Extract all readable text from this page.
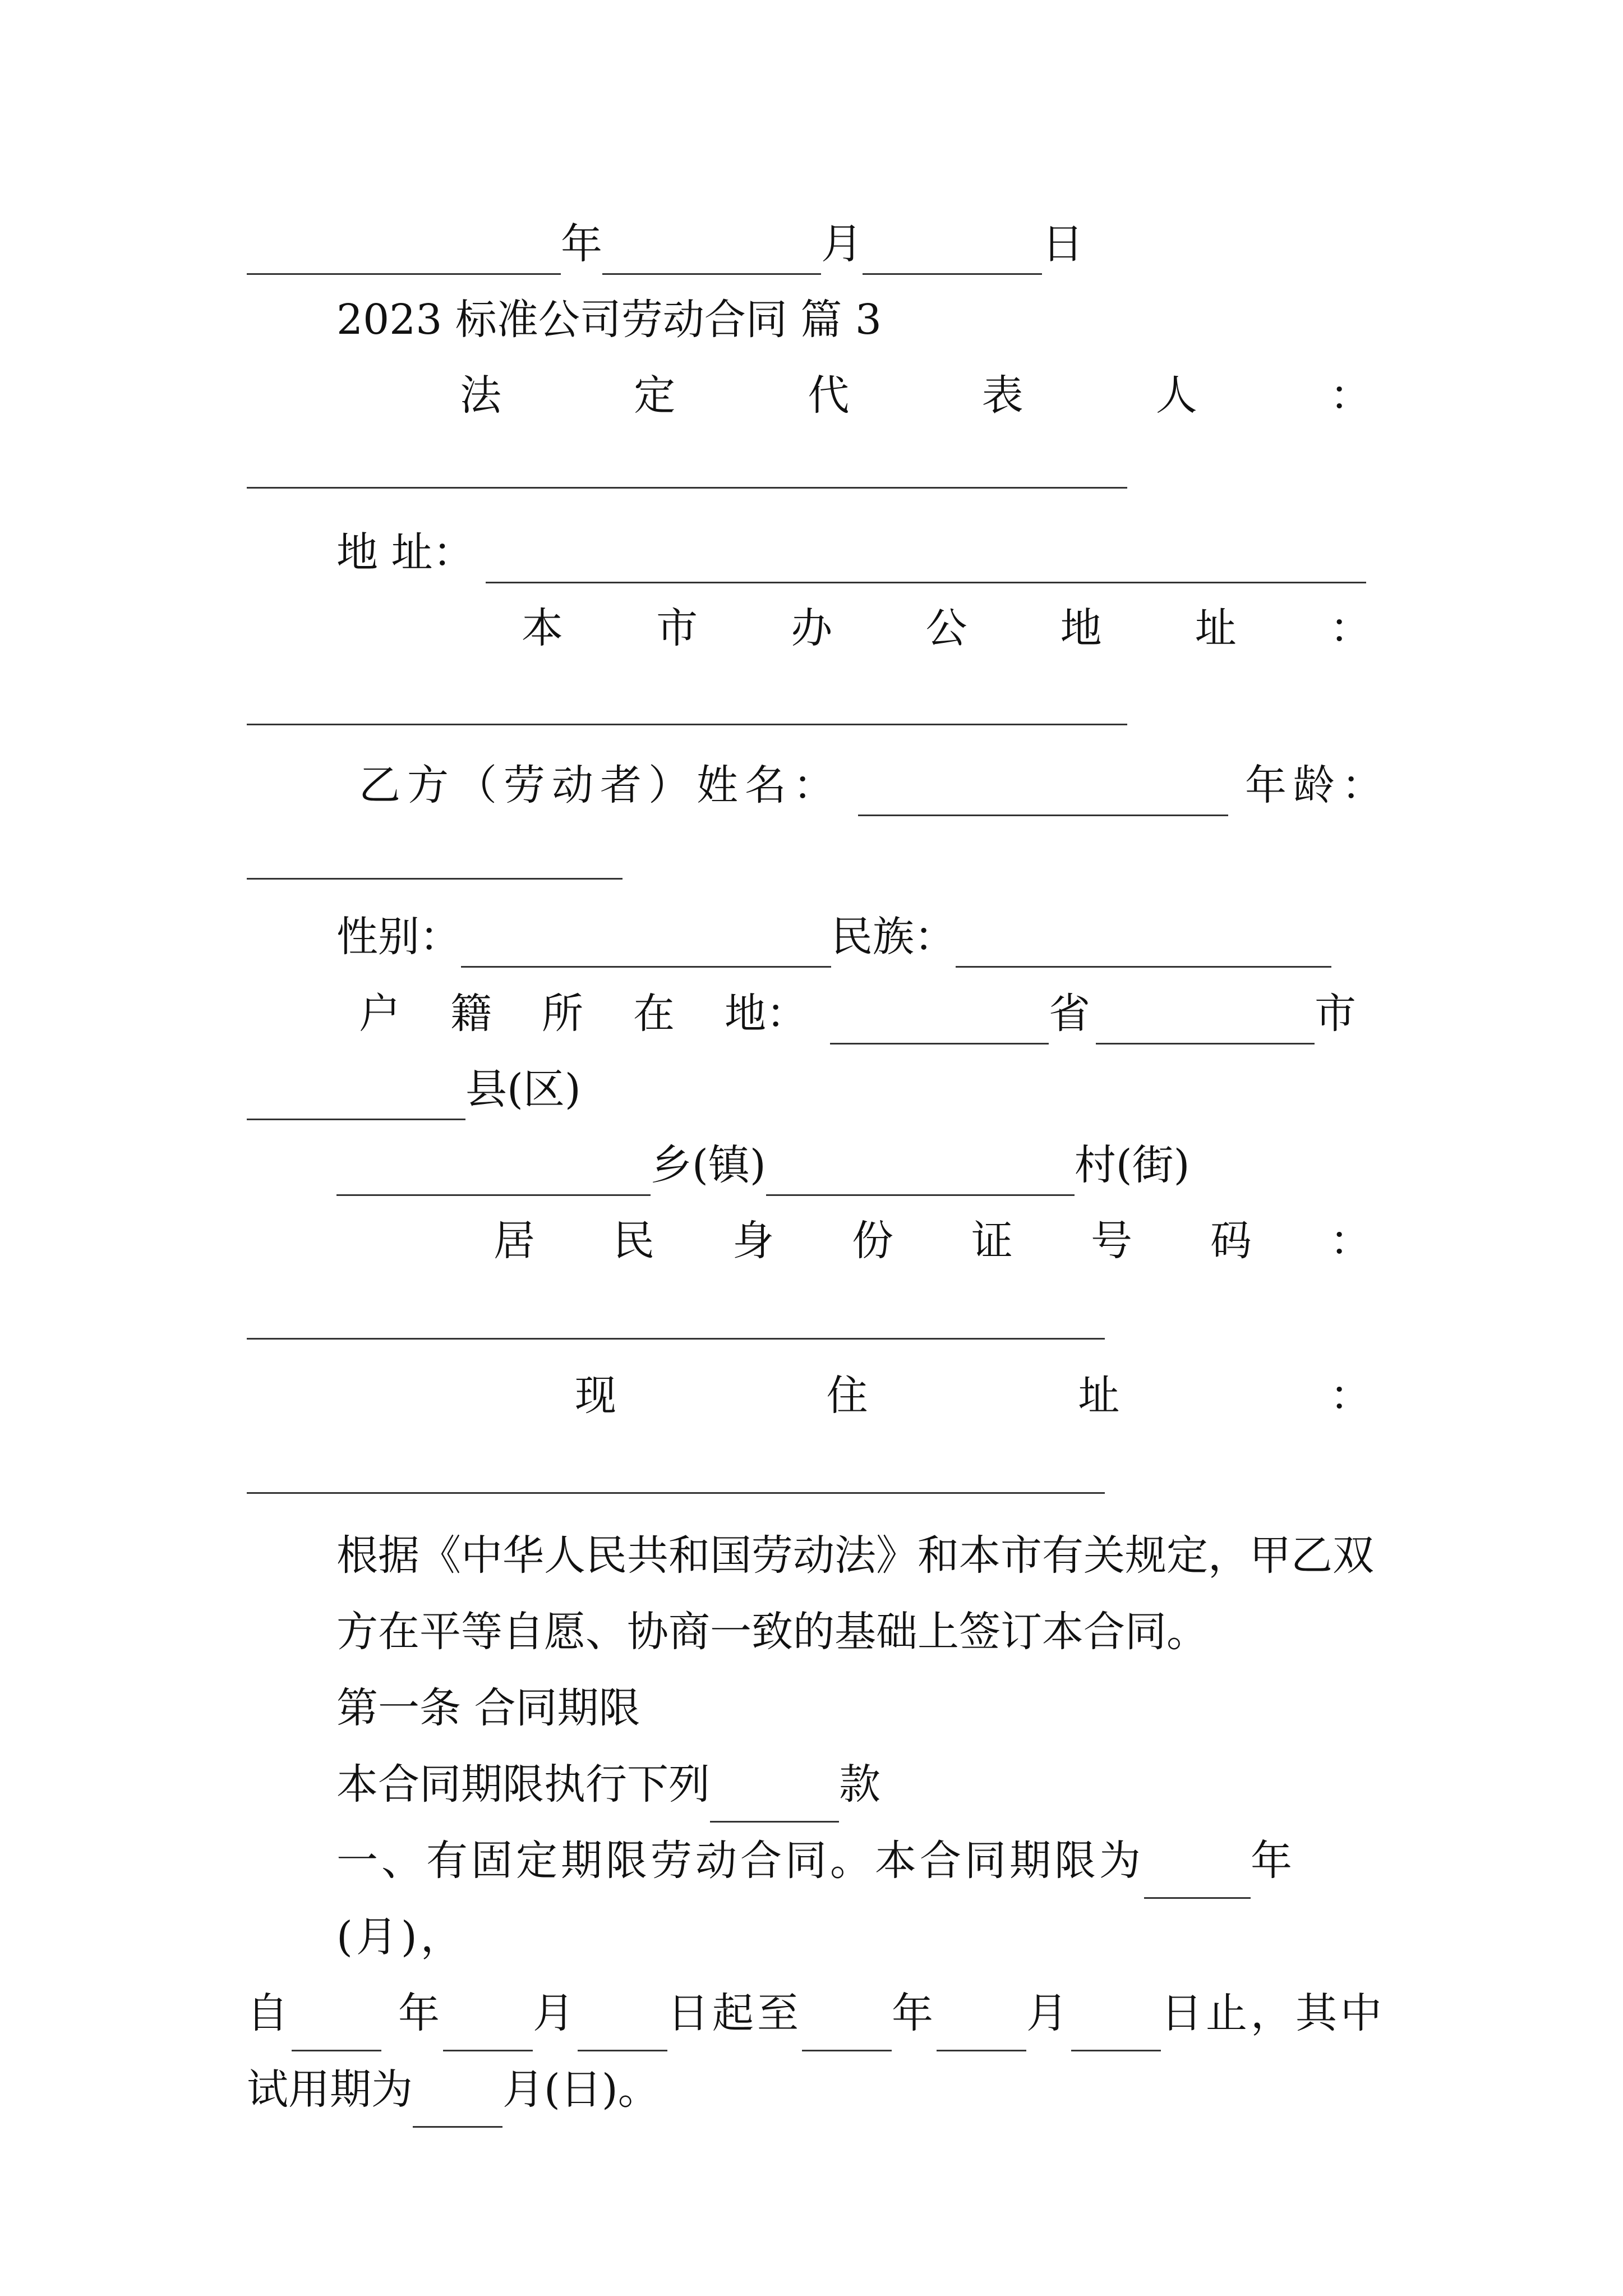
年	月	日
2023 标准公司劳动合同 篇 3
法	定	代	表	人	：
地 址：
本 市 办 公 地 址 ：
乙方（劳动者）姓名：	年龄：
性别：	民族：
户 籍 所 在 地：	省	市
县(区)
乡(镇)	村(街)
居 民 身 份 证 号 码 ：
现	住	址	：

根据《中华人民共和国劳动法》和本市有关规定，甲乙双方在平等自愿、协商一致的基础上签订本合同。

第一条 合同期限

本合同期限执行下列	款

一、有固定期限劳动合同。本合同期限为	年(月)，

自	年 月 日起至 年 月 日止，其中

试用期为 月(日)。
